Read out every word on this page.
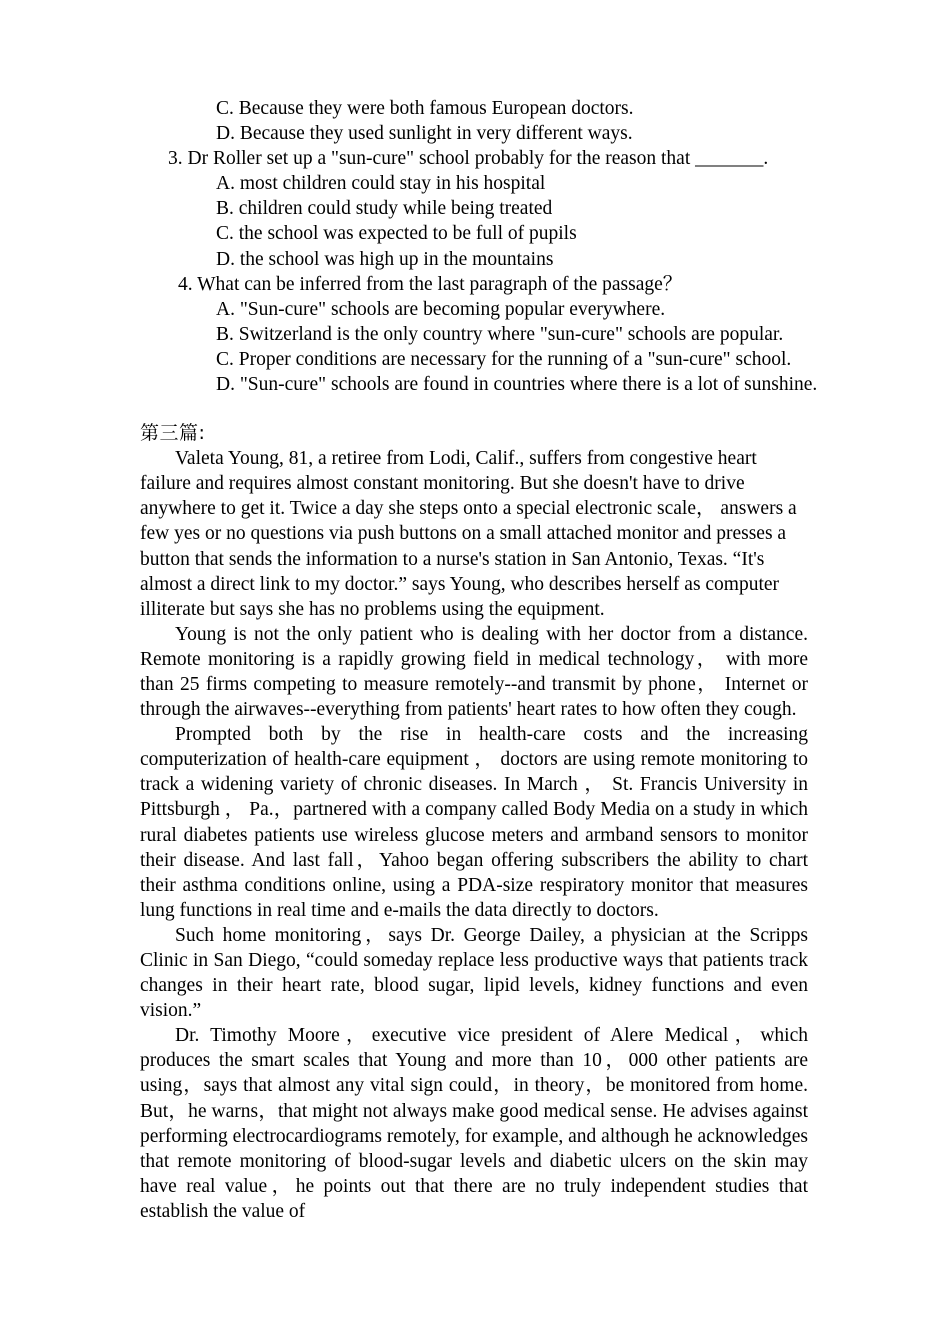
C. Because they were both famous European doctors.
D. Because they used sunlight in very different ways.
3. Dr Roller set up a "sun-cure" school probably for the reason that _______.
A. most children could stay in his hospital
B. children could study while being treated
C. the school was expected to be full of pupils
D. the school was high up in the mountains
4. What can be inferred from the last paragraph of the passage？
A. "Sun-cure" schools are becoming popular everywhere.
B. Switzerland is the only country where "sun-cure" schools are popular.
C. Proper conditions are necessary for the running of a "sun-cure" school.
D. "Sun-cure" schools are found in countries where there is a lot of sunshine.
第三篇:

Valeta Young, 81, a retiree from Lodi, Calif., suffers from congestive heart failure and requires almost constant monitoring. But she doesn't have to drive anywhere to get it. Twice a day she steps onto a special electronic scale， answers a few yes or no questions via push buttons on a small attached monitor and presses a button that sends the information to a nurse's station in San Antonio, Texas. “It's almost a direct link to my doctor.” says Young, who describes herself as computer illiterate but says she has no problems using the equipment.

Young is not the only patient who is dealing with her doctor from a distance. Remote monitoring is a rapidly growing field in medical technology， with more than 25 firms competing to measure remotely--and transmit by phone， Internet or through the airwaves--everything from patients' heart rates to how often they cough.

Prompted both by the rise in health-care costs and the increasing computerization of health-care equipment ， doctors are using remote monitoring to track a widening variety of chronic diseases. In March ， St. Francis University in Pittsburgh ， Pa.，partnered with a company called Body Media on a study in which rural diabetes patients use wireless glucose meters and armband sensors to monitor their disease. And last fall，Yahoo began offering subscribers the ability to chart their asthma conditions online, using a PDA-size respiratory monitor that measures lung functions in real time and e-mails the data directly to doctors.

Such home monitoring，says Dr. George Dailey, a physician at the Scripps Clinic in San Diego, “could someday replace less productive ways that patients track changes in their heart rate, blood sugar, lipid levels, kidney functions and even vision.”

Dr. Timothy Moore，executive vice president of Alere Medical，which produces the smart scales that Young and more than 10，000 other patients are using，says that almost any vital sign could，in theory，be monitored from home. But，he warns，that might not always make good medical sense. He advises against performing electrocardiograms remotely, for example, and although he acknowledges that remote monitoring of blood-sugar levels and diabetic ulcers on the skin may have real value，he points out that there are no truly independent studies that establish the value of
